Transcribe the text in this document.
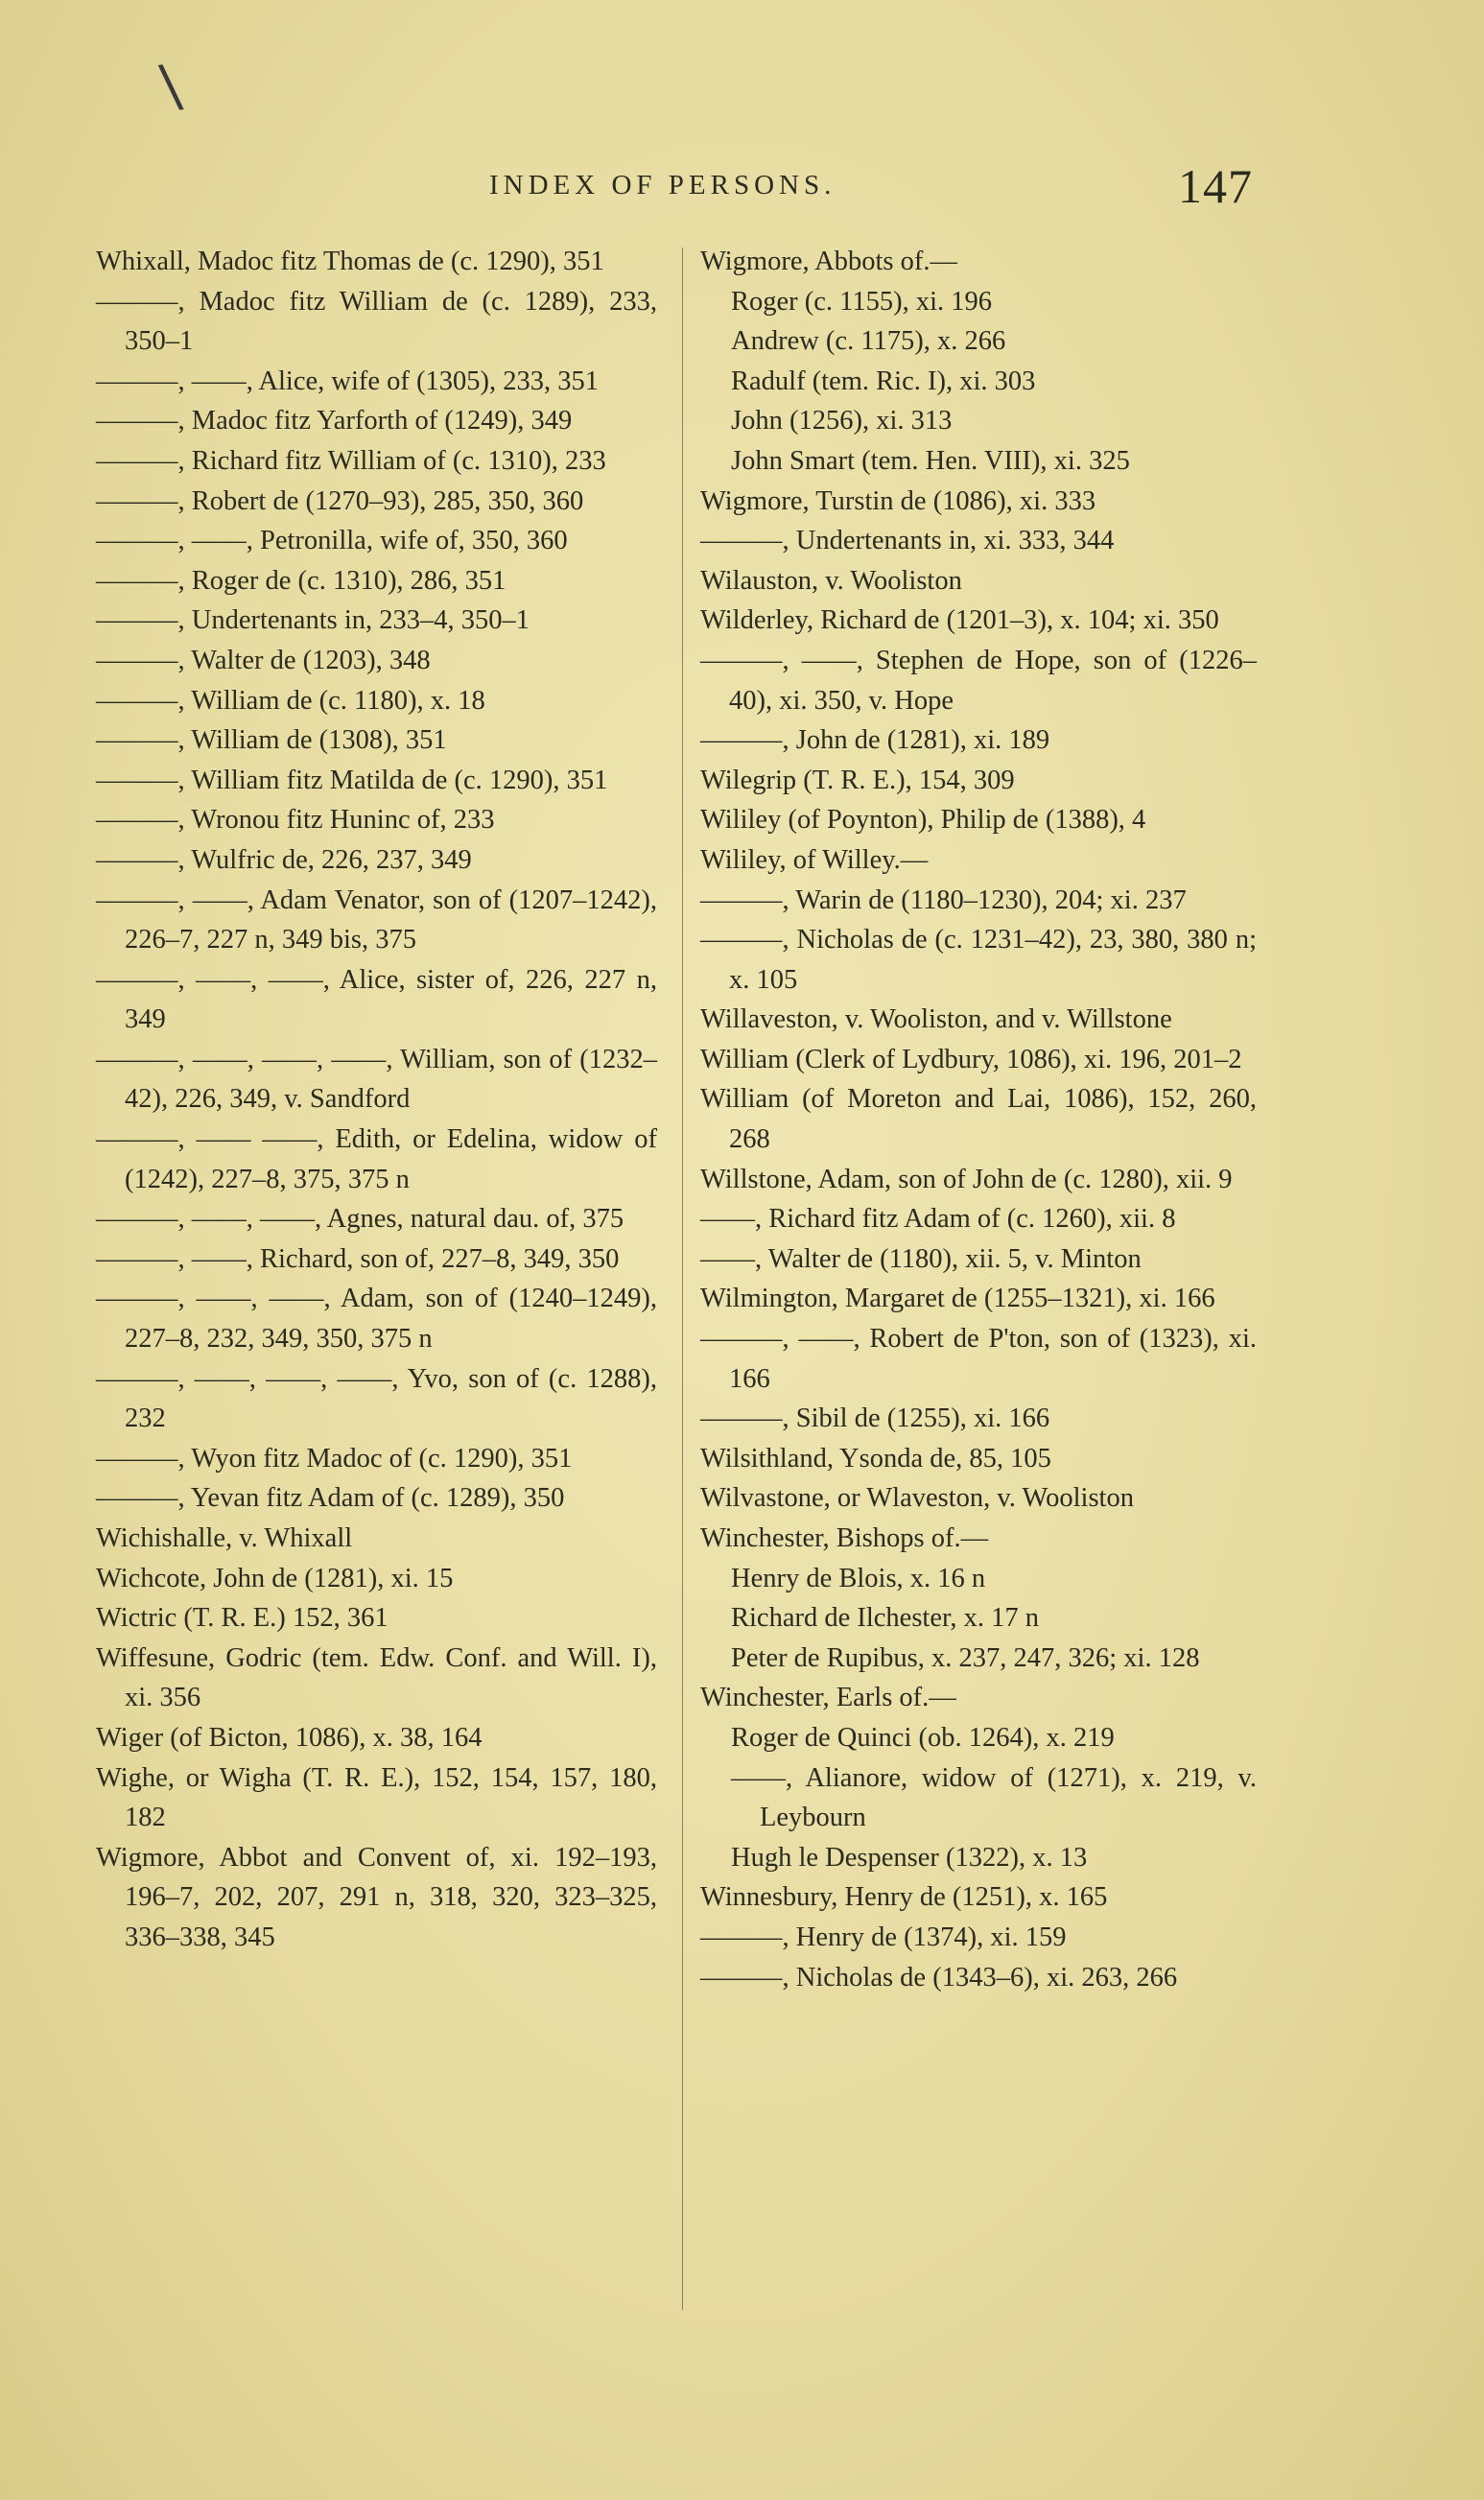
\
INDEX OF PERSONS.	147
Whixall, Madoc fitz Thomas de (c. 1290), 351
———, Madoc fitz William de (c. 1289), 233, 350–1
———, ——, Alice, wife of (1305), 233, 351
———, Madoc fitz Yarforth of (1249), 349
———, Richard fitz William of (c. 1310), 233
———, Robert de (1270–93), 285, 350, 360
———, ——, Petronilla, wife of, 350, 360
———, Roger de (c. 1310), 286, 351
———, Undertenants in, 233–4, 350–1
———, Walter de (1203), 348
———, William de (c. 1180), x. 18
———, William de (1308), 351
———, William fitz Matilda de (c. 1290), 351
———, Wronou fitz Huninc of, 233
———, Wulfric de, 226, 237, 349
———, ——, Adam Venator, son of (1207–1242), 226–7, 227 n, 349 bis, 375
———, ——, ——, Alice, sister of, 226, 227 n, 349
———, ——, ——, ——, William, son of (1232–42), 226, 349, v. Sandford
———, —— ——, Edith, or Edelina, widow of (1242), 227–8, 375, 375 n
———, ——, ——, Agnes, natural dau. of, 375
———, ——, Richard, son of, 227–8, 349, 350
———, ——, ——, Adam, son of (1240–1249), 227–8, 232, 349, 350, 375 n
———, ——, ——, ——, Yvo, son of (c. 1288), 232
———, Wyon fitz Madoc of (c. 1290), 351
———, Yevan fitz Adam of (c. 1289), 350
Wichishalle, v. Whixall
Wichcote, John de (1281), xi. 15
Wictric (T. R. E.) 152, 361
Wiffesune, Godric (tem. Edw. Conf. and Will. I), xi. 356
Wiger (of Bicton, 1086), x. 38, 164
Wighe, or Wigha (T. R. E.), 152, 154, 157, 180, 182
Wigmore, Abbot and Convent of, xi. 192–193, 196–7, 202, 207, 291 n, 318, 320, 323–325, 336–338, 345
Wigmore, Abbots of.—
Roger (c. 1155), xi. 196
Andrew (c. 1175), x. 266
Radulf (tem. Ric. I), xi. 303
John (1256), xi. 313
John Smart (tem. Hen. VIII), xi. 325
Wigmore, Turstin de (1086), xi. 333
———, Undertenants in, xi. 333, 344
Wilauston, v. Wooliston
Wilderley, Richard de (1201–3), x. 104; xi. 350
———, ——, Stephen de Hope, son of (1226–40), xi. 350, v. Hope
———, John de (1281), xi. 189
Wilegrip (T. R. E.), 154, 309
Wililey (of Poynton), Philip de (1388), 4
Wililey, of Willey.—
———, Warin de (1180–1230), 204; xi. 237
———, Nicholas de (c. 1231–42), 23, 380, 380 n; x. 105
Willaveston, v. Wooliston, and v. Willstone
William (Clerk of Lydbury, 1086), xi. 196, 201–2
William (of Moreton and Lai, 1086), 152, 260, 268
Willstone, Adam, son of John de (c. 1280), xii. 9
——, Richard fitz Adam of (c. 1260), xii. 8
——, Walter de (1180), xii. 5, v. Minton
Wilmington, Margaret de (1255–1321), xi. 166
———, ——, Robert de P'ton, son of (1323), xi. 166
———, Sibil de (1255), xi. 166
Wilsithland, Ysonda de, 85, 105
Wilvastone, or Wlaveston, v. Wooliston
Winchester, Bishops of.—
Henry de Blois, x. 16 n
Richard de Ilchester, x. 17 n
Peter de Rupibus, x. 237, 247, 326; xi. 128
Winchester, Earls of.—
Roger de Quinci (ob. 1264), x. 219
——, Alianore, widow of (1271), x. 219, v. Leybourn
Hugh le Despenser (1322), x. 13
Winnesbury, Henry de (1251), x. 165
———, Henry de (1374), xi. 159
———, Nicholas de (1343–6), xi. 263, 266
